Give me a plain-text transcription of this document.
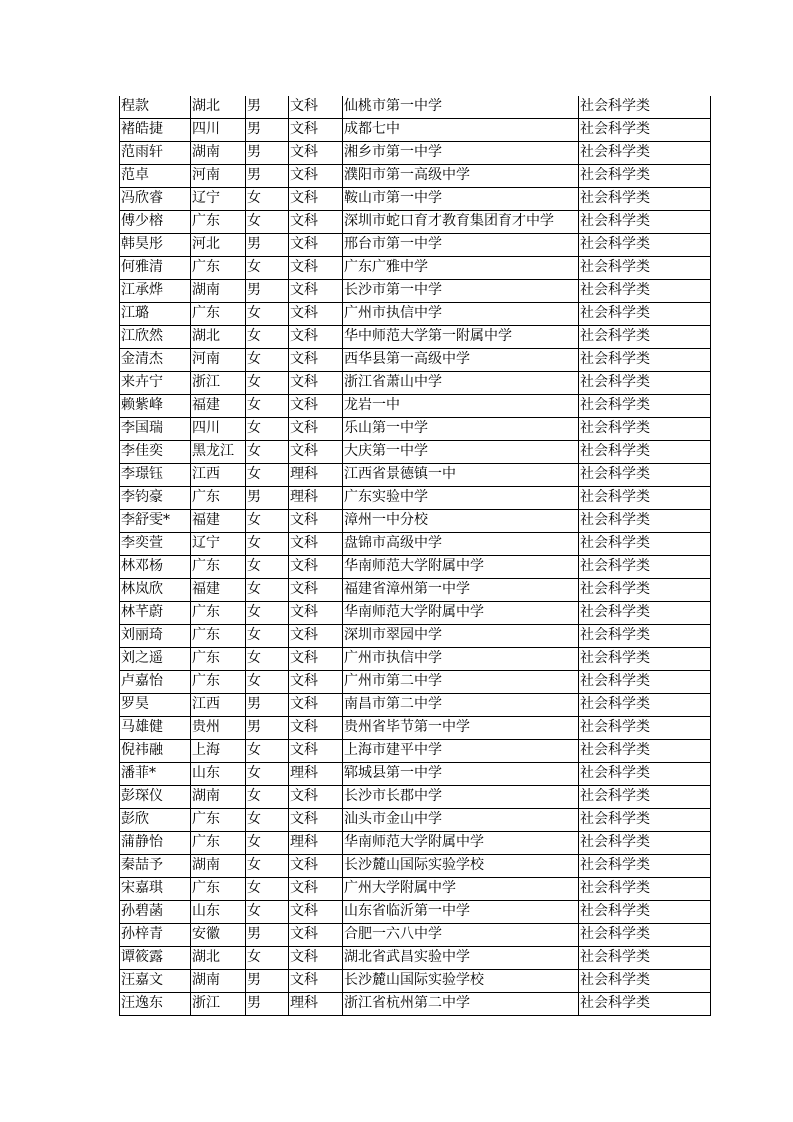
程款	湖北	男	文科	仙桃市第一中学	社会科学类
褚皓捷	四川	男	文科	成都七中	社会科学类
范雨轩	湖南	男	文科	湘乡市第一中学	社会科学类
范卓	河南	男	文科	濮阳市第一高级中学	社会科学类
冯欣睿	辽宁	女	文科	鞍山市第一中学	社会科学类
傅少榕	广东	女	文科	深圳市蛇口育才教育集团育才中学	社会科学类
韩昊彤	河北	男	文科	邢台市第一中学	社会科学类
何雅清	广东	女	文科	广东广雅中学	社会科学类
江承烨	湖南	男	文科	长沙市第一中学	社会科学类
江璐	广东	女	文科	广州市执信中学	社会科学类
江欣然	湖北	女	文科	华中师范大学第一附属中学	社会科学类
金清杰	河南	女	文科	西华县第一高级中学	社会科学类
来卉宁	浙江	女	文科	浙江省萧山中学	社会科学类
赖紫峰	福建	女	文科	龙岩一中	社会科学类
李国瑞	四川	女	文科	乐山第一中学	社会科学类
李佳奕	黑龙江	女	文科	大庆第一中学	社会科学类
李璟钰	江西	女	理科	江西省景德镇一中	社会科学类
李钧豪	广东	男	理科	广东实验中学	社会科学类
李舒雯*	福建	女	文科	漳州一中分校	社会科学类
李奕萱	辽宁	女	文科	盘锦市高级中学	社会科学类
林邓杨	广东	女	文科	华南师范大学附属中学	社会科学类
林岚欣	福建	女	文科	福建省漳州第一中学	社会科学类
林芊蔚	广东	女	文科	华南师范大学附属中学	社会科学类
刘丽琦	广东	女	文科	深圳市翠园中学	社会科学类
刘之遥	广东	女	文科	广州市执信中学	社会科学类
卢嘉怡	广东	女	文科	广州市第二中学	社会科学类
罗昊	江西	男	文科	南昌市第二中学	社会科学类
马雄健	贵州	男	文科	贵州省毕节第一中学	社会科学类
倪祎融	上海	女	文科	上海市建平中学	社会科学类
潘菲*	山东	女	理科	郓城县第一中学	社会科学类
彭琛仪	湖南	女	文科	长沙市长郡中学	社会科学类
彭欣	广东	女	文科	汕头市金山中学	社会科学类
蒲静怡	广东	女	理科	华南师范大学附属中学	社会科学类
秦喆予	湖南	女	文科	长沙麓山国际实验学校	社会科学类
宋嘉琪	广东	女	文科	广州大学附属中学	社会科学类
孙碧菡	山东	女	文科	山东省临沂第一中学	社会科学类
孙梓青	安徽	男	文科	合肥一六八中学	社会科学类
谭筱露	湖北	女	文科	湖北省武昌实验中学	社会科学类
汪嘉文	湖南	男	文科	长沙麓山国际实验学校	社会科学类
汪逸东	浙江	男	理科	浙江省杭州第二中学	社会科学类
